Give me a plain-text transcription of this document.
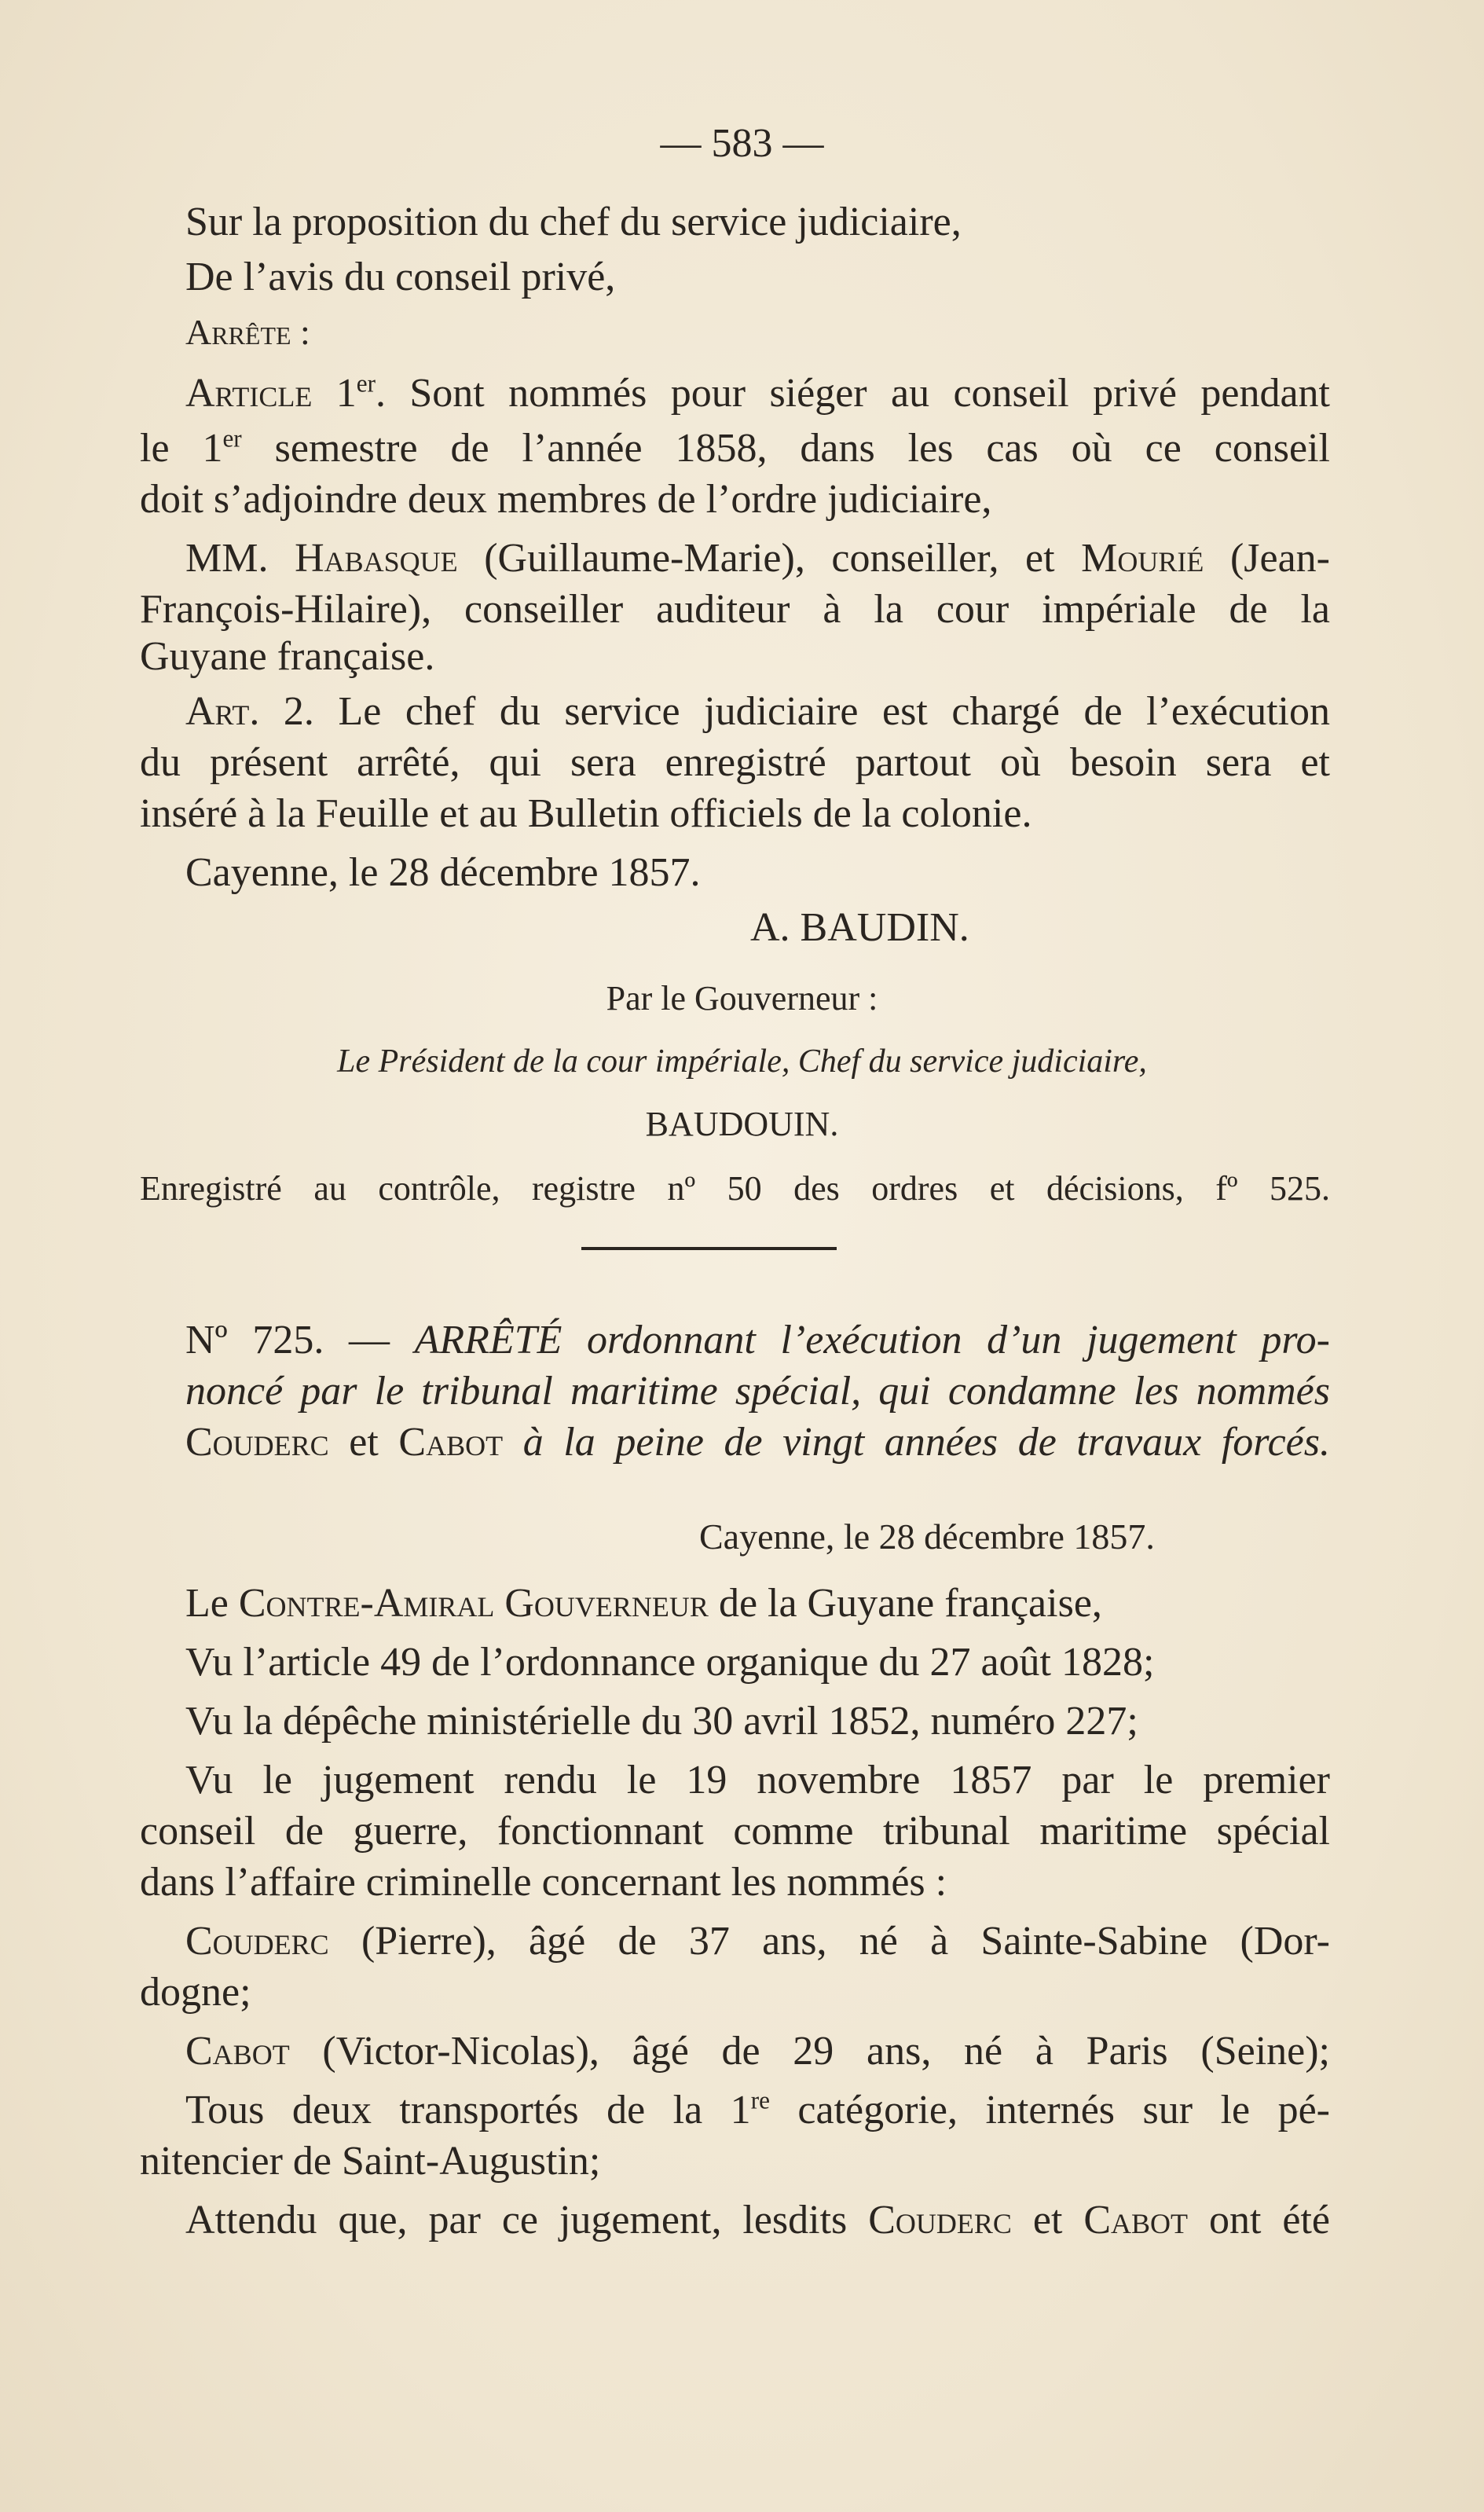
— 583 —
Sur la proposition du chef du service judiciaire,
De l’avis du conseil privé,
Arrête :
Article 1er. Sont nommés pour siéger au conseil privé pendant
le 1er semestre de l’année 1858, dans les cas où ce conseil
doit s’adjoindre deux membres de l’ordre judiciaire,
MM. Habasque (Guillaume-Marie), conseiller, et Mourié (Jean-
François-Hilaire), conseiller auditeur à la cour impériale de la
Guyane française.
Art. 2. Le chef du service judiciaire est chargé de l’exécution
du présent arrêté, qui sera enregistré partout où besoin sera et
inséré à la Feuille et au Bulletin officiels de la colonie.
Cayenne, le 28 décembre 1857.
A. BAUDIN.
Par le Gouverneur :
Le Président de la cour impériale, Chef du service judiciaire,
BAUDOUIN.
Enregistré au contrôle, registre nº 50 des ordres et décisions, fº 525.
Nº 725. — ARRÊTÉ ordonnant l’exécution d’un jugement pro-
noncé par le tribunal maritime spécial, qui condamne les nommés
Couderc et Cabot à la peine de vingt années de travaux forcés.
Cayenne, le 28 décembre 1857.
Le Contre-Amiral Gouverneur de la Guyane française,
Vu l’article 49 de l’ordonnance organique du 27 août 1828;
Vu la dépêche ministérielle du 30 avril 1852, numéro 227;
Vu le jugement rendu le 19 novembre 1857 par le premier
conseil de guerre, fonctionnant comme tribunal maritime spécial
dans l’affaire criminelle concernant les nommés :
Couderc (Pierre), âgé de 37 ans, né à Sainte-Sabine (Dor-
dogne;
Cabot (Victor-Nicolas), âgé de 29 ans, né à Paris (Seine);
Tous deux transportés de la 1re catégorie, internés sur le pé-
nitencier de Saint-Augustin;
Attendu que, par ce jugement, lesdits Couderc et Cabot ont été
